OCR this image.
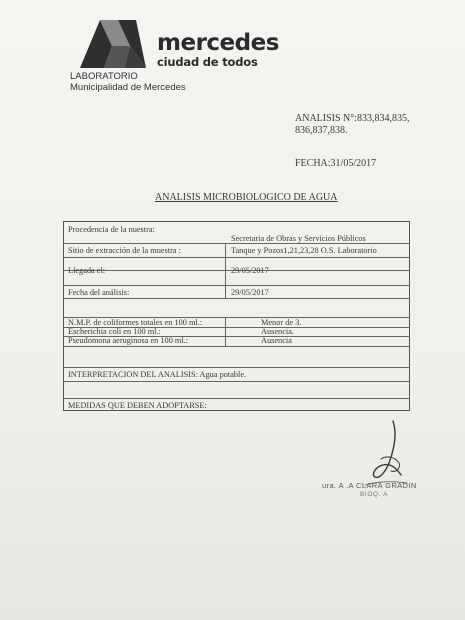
mercedes
ciudad de todos
LABORATORIO
Municipalidad de Mercedes
ANALISIS N°:833,834,835,
836,837,838.
FECHA:31/05/2017
ANALISIS MICROBIOLOGICO DE AGUA
Procedencia de la nuestra:
Secretaria de Obras y Servicios Públicos
Sitio de extracción de la muestra :	Tanque y Pozos1,21,23,28 O.S. Laboratorio
Llegada el:	29/05/2017
Fecha del análisis:	29/05/2017
N.M.P. de coliformes totales en 100 ml.:	Menor de 3.
Escherichia coli en 100 ml.:	Ausencia.
Pseudomona aeruginosa en 100 ml.:	Ausencia
INTERPRETACION DEL ANALISIS: Agua potable.
MEDIDAS QUE DEBEN ADOPTARSE:
ura. A .A CLARA GRADIN
BIOQ. A
